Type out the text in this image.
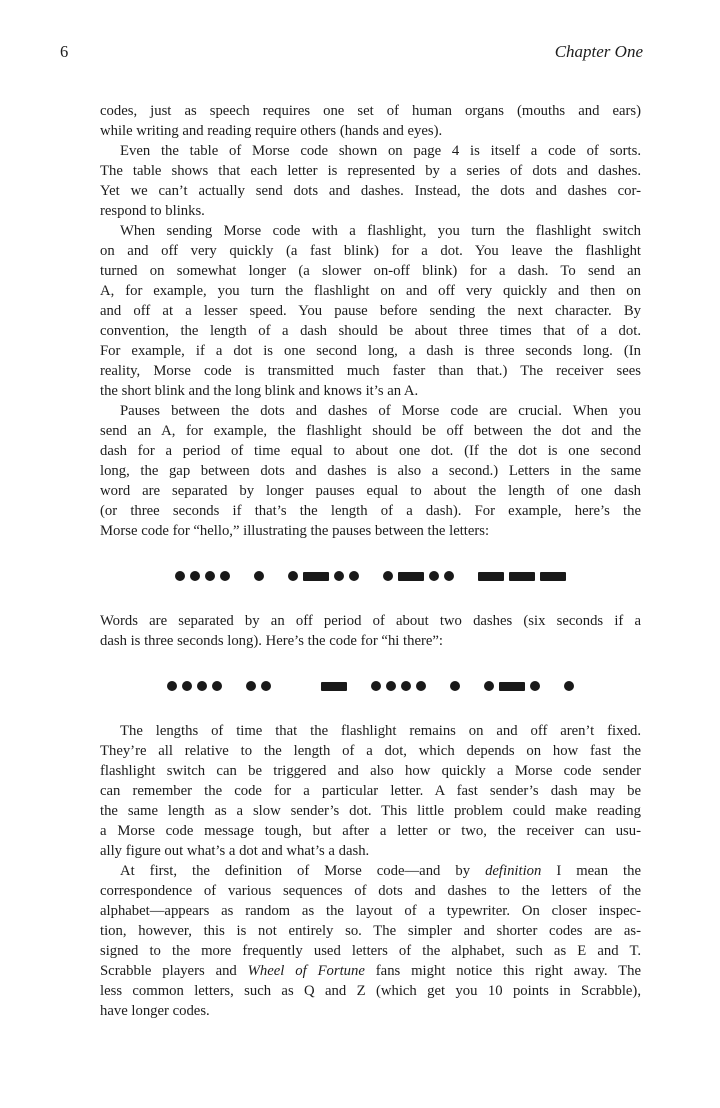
6	Chapter One
codes, just as speech requires one set of human organs (mouths and ears)
while writing and reading require others (hands and eyes).
Even the table of Morse code shown on page 4 is itself a code of sorts.
The table shows that each letter is represented by a series of dots and dashes.
Yet we can’t actually send dots and dashes. Instead, the dots and dashes cor-
respond to blinks.
When sending Morse code with a flashlight, you turn the flashlight switch
on and off very quickly (a fast blink) for a dot. You leave the flashlight
turned on somewhat longer (a slower on-off blink) for a dash. To send an
A, for example, you turn the flashlight on and off very quickly and then on
and off at a lesser speed. You pause before sending the next character. By
convention, the length of a dash should be about three times that of a dot.
For example, if a dot is one second long, a dash is three seconds long. (In
reality, Morse code is transmitted much faster than that.) The receiver sees
the short blink and the long blink and knows it’s an A.
Pauses between the dots and dashes of Morse code are crucial. When you
send an A, for example, the flashlight should be off between the dot and the
dash for a period of time equal to about one dot. (If the dot is one second
long, the gap between dots and dashes is also a second.) Letters in the same
word are separated by longer pauses equal to about the length of one dash
(or three seconds if that’s the length of a dash). For example, here’s the
Morse code for “hello,” illustrating the pauses between the letters:
Words are separated by an off period of about two dashes (six seconds if a
dash is three seconds long). Here’s the code for “hi there”:
The lengths of time that the flashlight remains on and off aren’t fixed.
They’re all relative to the length of a dot, which depends on how fast the
flashlight switch can be triggered and also how quickly a Morse code sender
can remember the code for a particular letter. A fast sender’s dash may be
the same length as a slow sender’s dot. This little problem could make reading
a Morse code message tough, but after a letter or two, the receiver can usu-
ally figure out what’s a dot and what’s a dash.
At first, the definition of Morse code—and by definition I mean the
correspondence of various sequences of dots and dashes to the letters of the
alphabet—appears as random as the layout of a typewriter. On closer inspec-
tion, however, this is not entirely so. The simpler and shorter codes are as-
signed to the more frequently used letters of the alphabet, such as E and T.
Scrabble players and Wheel of Fortune fans might notice this right away. The
less common letters, such as Q and Z (which get you 10 points in Scrabble),
have longer codes.
